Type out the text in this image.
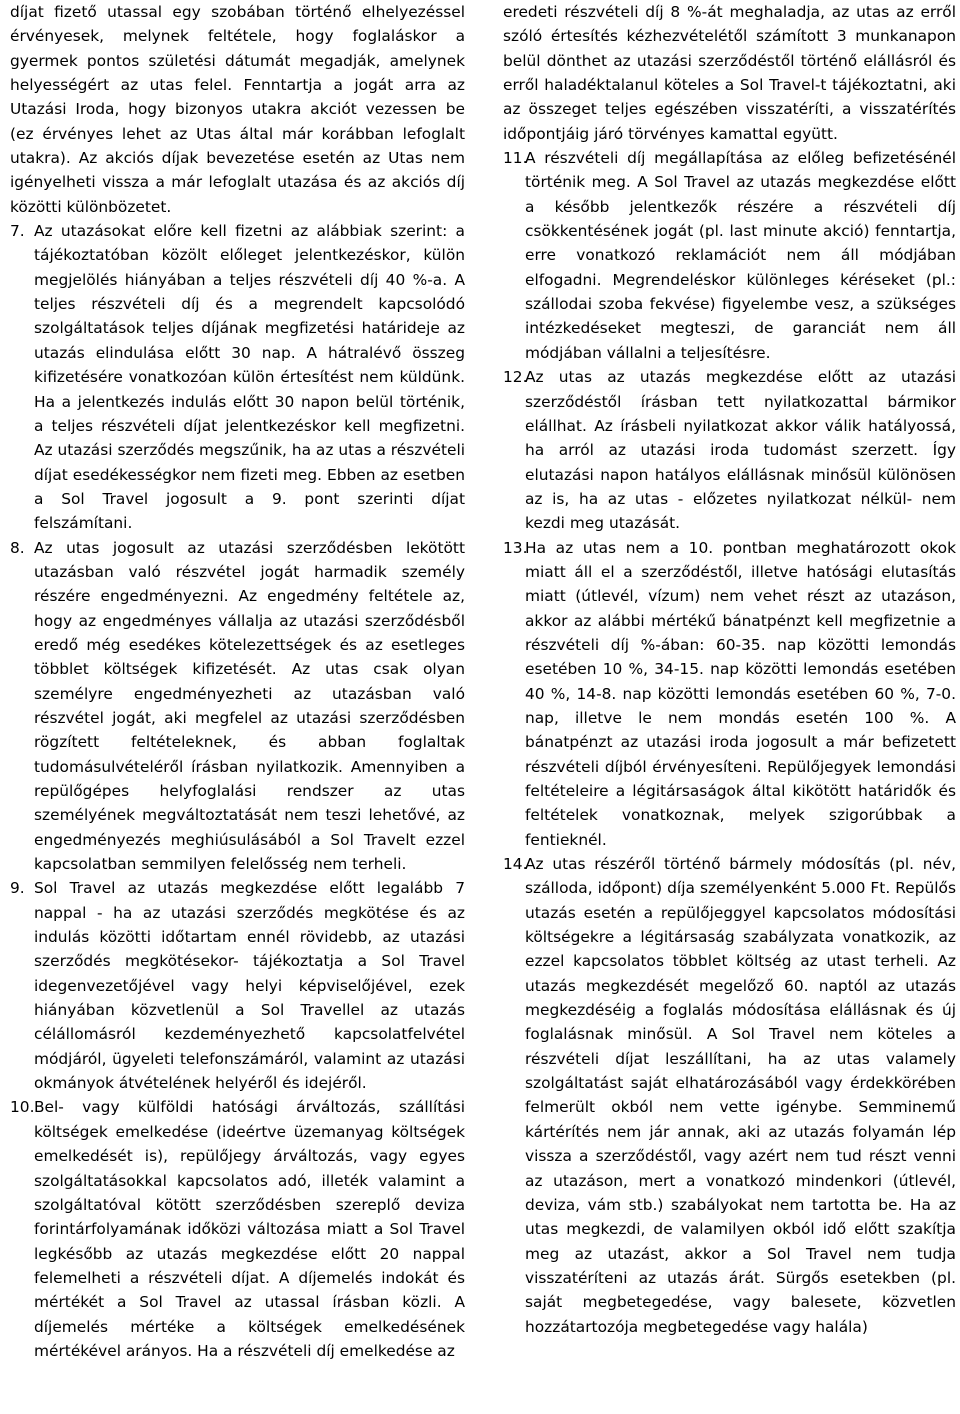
díjat fizető utassal egy szobában történő elhelyezéssel érvényesek, melynek feltétele, hogy foglaláskor a gyermek pontos születési dátumát megadják, amelynek helyességért az utas felel. Fenntartja a jogát arra az Utazási Iroda, hogy bizonyos utakra akciót vezessen be (ez érvényes lehet az Utas által már korábban lefoglalt utakra). Az akciós díjak bevezetése esetén az Utas nem igényelheti vissza a már lefoglalt utazása és az akciós díj közötti különbözetet.

7. Az utazásokat előre kell fizetni az alábbiak szerint: a tájékoztatóban közölt előleget jelentkezéskor, külön megjelölés hiányában a teljes részvételi díj 40 %-a. A teljes részvételi díj és a megrendelt kapcsolódó szolgáltatások teljes díjának megfizetési határideje az utazás elindulása előtt 30 nap. A hátralévő összeg kifizetésére vonatkozóan külön értesítést nem küldünk. Ha a jelentkezés indulás előtt 30 napon belül történik, a teljes részvételi díjat jelentkezéskor kell megfizetni. Az utazási szerződés megszűnik, ha az utas a részvételi díjat esedékességkor nem fizeti meg. Ebben az esetben a Sol Travel jogosult a 9. pont szerinti díjat felszámítani.
8. Az utas jogosult az utazási szerződésben lekötött utazásban való részvétel jogát harmadik személy részére engedményezni. Az engedmény feltétele az, hogy az engedményes vállalja az utazási szerződésből eredő még esedékes kötelezettségek és az esetleges többlet költségek kifizetését. Az utas csak olyan személyre engedményezheti az utazásban való részvétel jogát, aki megfelel az utazási szerződésben rögzített feltételeknek, és abban foglaltak tudomásulvételéről írásban nyilatkozik. Amennyiben a repülőgépes helyfoglalási rendszer az utas személyének megváltoztatását nem teszi lehetővé, az engedményezés meghiúsulásából a Sol Travelt ezzel kapcsolatban semmilyen felelősség nem terheli.
9. Sol Travel az utazás megkezdése előtt legalább 7 nappal - ha az utazási szerződés megkötése és az indulás közötti időtartam ennél rövidebb, az utazási szerződés megkötésekor- tájékoztatja a Sol Travel idegenvezetőjével vagy helyi képviselőjével, ezek hiányában közvetlenül a Sol Travellel az utazás célállomásról kezdeményezhető kapcsolatfelvétel módjáról, ügyeleti telefonszámáról, valamint az utazási okmányok átvételének helyéről és idejéről.
10. Bel- vagy külföldi hatósági árváltozás, szállítási költségek emelkedése (ideértve üzemanyag költségek emelkedését is), repülőjegy árváltozás, vagy egyes szolgáltatásokkal kapcsolatos adó, illeték valamint a szolgáltatóval kötött szerződésben szereplő deviza forintárfolyamának időközi változása miatt a Sol Travel legkésőbb az utazás megkezdése előtt 20 nappal felemelheti a részvételi díjat. A díjemelés indokát és mértékét a Sol Travel az utassal írásban közli. A díjemelés mértéke a költségek emelkedésének mértékével arányos. Ha a részvételi díj emelkedése az

eredeti részvételi díj 8 %-át meghaladja, az utas az erről szóló értesítés kézhezvételétől számított 3 munkanapon belül dönthet az utazási szerződéstől történő elállásról és erről haladéktalanul köteles a Sol Travel-t tájékoztatni, aki az összeget teljes egészében visszatéríti, a visszatérítés időpontjáig járó törvényes kamattal együtt.

11.
A részvételi díj megállapítása az előleg befizetésénél történik meg. A Sol Travel az utazás megkezdése előtt a később jelentkezők részére a részvételi díj csökkentésének jogát (pl. last minute akció) fenntartja, erre vonatkozó reklamációt nem áll módjában elfogadni. Megrendeléskor különleges kéréseket (pl.: szállodai szoba fekvése) figyelembe vesz, a szükséges intézkedéseket megteszi, de garanciát nem áll módjában vállalni a teljesítésre.
12.
Az utas az utazás megkezdése előtt az utazási szerződéstől írásban tett nyilatkozattal bármikor elállhat. Az írásbeli nyilatkozat akkor válik hatályossá, ha arról az utazási iroda tudomást szerzett. Így elutazási napon hatályos elállásnak minősül különösen az is, ha az utas - előzetes nyilatkozat nélkül- nem kezdi meg utazását.
13.
Ha az utas nem a 10. pontban meghatározott okok miatt áll el a szerződéstől, illetve hatósági elutasítás miatt (útlevél, vízum) nem vehet részt az utazáson, akkor az alábbi mértékű bánatpénzt kell megfizetnie a részvételi díj %-ában: 60-35. nap közötti lemondás esetében 10 %, 34-15. nap közötti lemondás esetében 40 %, 14-8. nap közötti lemondás esetében 60 %, 7-0. nap, illetve le nem mondás esetén 100 %. A bánatpénzt az utazási iroda jogosult a már befizetett részvételi díjból érvényesíteni. Repülőjegyek lemondási feltételeire a légitársaságok által kikötött határidők és feltételek vonatkoznak, melyek szigorúbbak a fentieknél.
14.
Az utas részéről történő bármely módosítás (pl. név, szálloda, időpont) díja személyenként 5.000 Ft. Repülős utazás esetén a repülőjeggyel kapcsolatos módosítási költségekre a légitársaság szabályzata vonatkozik, az ezzel kapcsolatos többlet költség az utast terheli. Az utazás megkezdését megelőző 60. naptól az utazás megkezdéséig a foglalás módosítása elállásnak és új foglalásnak minősül. A Sol Travel nem köteles a részvételi díjat leszállítani, ha az utas valamely szolgáltatást saját elhatározásából vagy érdekkörében felmerült okból nem vette igénybe. Semminemű kártérítés nem jár annak, aki az utazás folyamán lép vissza a szerződéstől, vagy azért nem tud részt venni az utazáson, mert a vonatkozó mindenkori (útlevél, deviza, vám stb.) szabályokat nem tartotta be. Ha az utas megkezdi, de valamilyen okból idő előtt szakítja meg az utazást, akkor a Sol Travel nem tudja visszatéríteni az utazás árát. Sürgős esetekben (pl. saját megbetegedése, vagy balesete, közvetlen hozzátartozója megbetegedése vagy halála)
